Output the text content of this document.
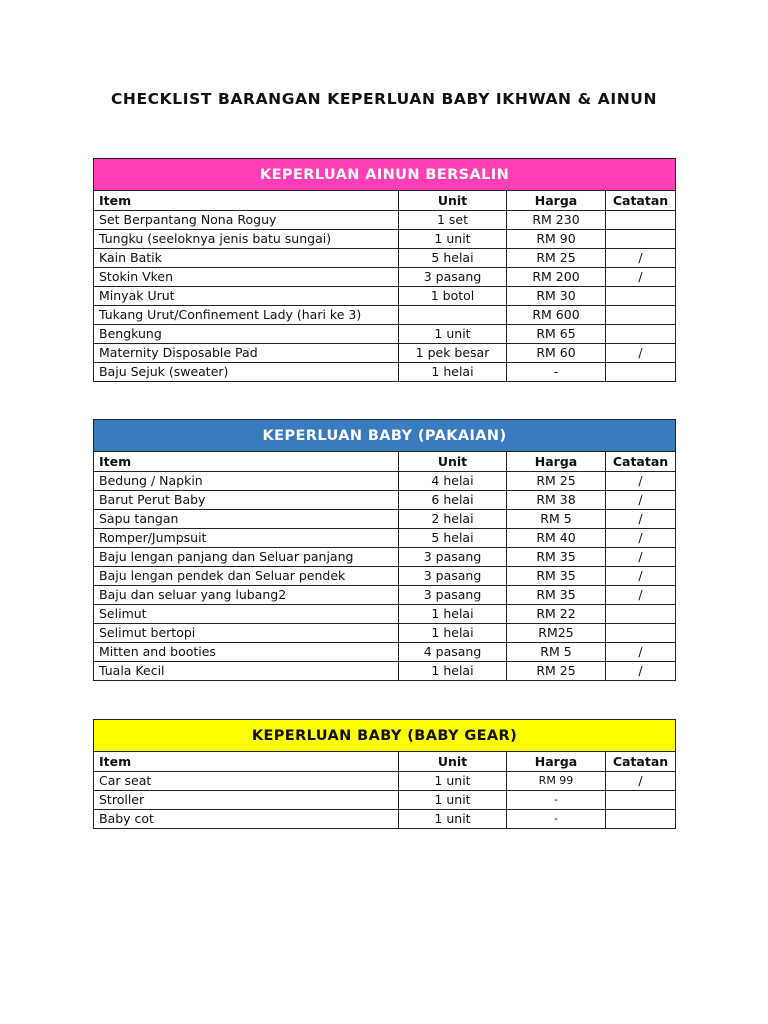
CHECKLIST BARANGAN KEPERLUAN BABY IKHWAN & AINUN
KEPERLUAN AINUN BERSALIN			
Item	Unit	Harga	Catatan
Set Berpantang Nona Roguy	1 set	RM 230	
Tungku (seeloknya jenis batu sungai)	1 unit	RM 90	
Kain Batik	5 helai	RM 25	/
Stokin Vken	3 pasang	RM 200	/
Minyak Urut	1 botol	RM 30	
Tukang Urut/Confinement Lady (hari ke 3)		RM 600	
Bengkung	1 unit	RM 65	
Maternity Disposable Pad	1 pek besar	RM 60	/
Baju Sejuk (sweater)	1 helai	-	
KEPERLUAN BABY (PAKAIAN)			
Item	Unit	Harga	Catatan
Bedung / Napkin	4 helai	RM 25	/
Barut Perut Baby	6 helai	RM 38	/
Sapu tangan	2 helai	RM 5	/
Romper/Jumpsuit	5 helai	RM 40	/
Baju lengan panjang dan Seluar panjang	3 pasang	RM 35	/
Baju lengan pendek dan Seluar pendek	3 pasang	RM 35	/
Baju dan seluar yang lubang2	3 pasang	RM 35	/
Selimut	1 helai	RM 22	
Selimut bertopi	1 helai	RM25	
Mitten and booties	4 pasang	RM 5	/
Tuala Kecil	1 helai	RM 25	/
KEPERLUAN BABY (BABY GEAR)			
Item	Unit	Harga	Catatan
Car seat	1 unit	RM 99	/
Stroller	1 unit	-	
Baby cot	1 unit	-	
